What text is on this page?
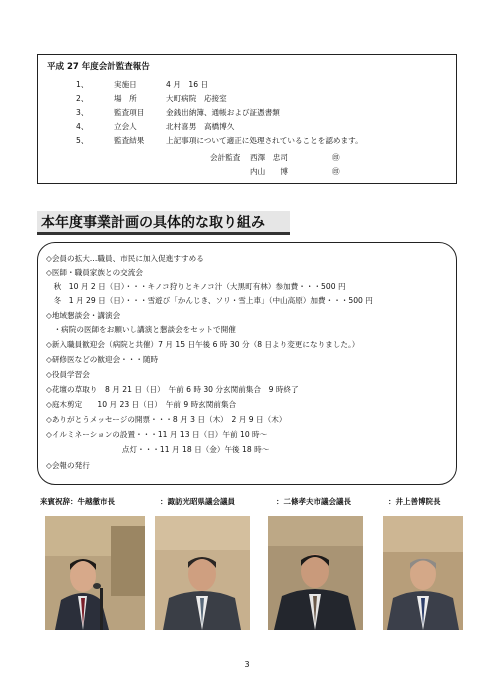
平成 27 年度会計監査報告
1、	実施日	4 月　16 日
2、	場　所	大町病院　応接室
3、	監査項目	金銭出納簿、通帳および証憑書類
4、	立会人	北村喜男　高橋博久
5、	監査結果	上記事項について適正に処理されていることを認めます。
会計監査 西澤　忠司	㊞
内山　　博	㊞
本年度事業計画の具体的な取り組み
◇会員の拡大…職員、市民に加入促進すすめる
◇医師・職員家族との交流会
　秋　10 月 2 日（日）・・・キノコ狩りとキノコ汁（大黒町有林）参加費・・・500 円
　冬　1 月 29 日（日）・・・雪遊び「かんじき、ソリ・雪上車」（中山高原）加費・・・500 円
◇地域懇談会・講演会
　・病院の医師をお願いし講演と懇談会をセットで開催
◇新入職員歓迎会（病院と共催）7 月 15 日午後 6 時 30 分（8 日より変更になりました。）
◇研修医などの歓迎会・・・随時
◇役員学習会
◇花壇の草取り　8 月 21 日（日）　午前 6 時 30 分玄関前集合　9 時終了
◇庭木剪定　　10 月 23 日（日）　午前 9 時玄関前集合
◇ありがとうメッセージの開票・・・8 月 3 日（木）　2 月 9 日（木）
◇イルミネーションの設置・・・11 月 13 日（日）午前 10 時～
　　　　　　　　　　点灯・・・11 月 18 日（金）午後 18 時～
◇会報の発行
来賓祝辞：牛越徹市長	：諏訪光昭県議会議員	：二條孝夫市議会議長	：井上善博院長
3
